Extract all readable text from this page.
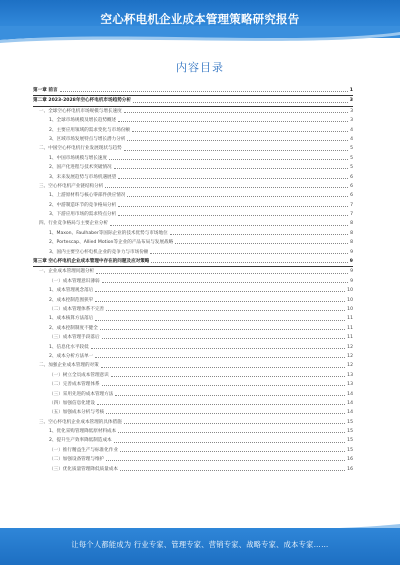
空心杯电机企业成本管理策略研究报告
内容目录
第一章 前言	1
第二章 2023-2028年空心杯电机市场趋势分析	3
一、全球空心杯电机市场规模与增长速度	3
1、全球市场规模及增长趋势概述	3
2、主要应用领域的需求变化与市场份额	4
3、区域市场发展特点与增长潜力分析	4
二、中国空心杯电机行业发展现状与趋势	5
1、中国市场规模与增长速度	5
2、国产化进程与技术突破情况	5
3、未来发展趋势与市场机遇展望	6
三、空心杯电机产业链结构分析	6
1、上游原材料与核心零部件供应情况	6
2、中游制造环节的竞争格局分析	7
3、下游应用市场的需求特点分析	7
四、行业竞争格局与主要企业分析	8
1、Maxon、Faulhaber等国际企业的技术优势与市场地位	8
2、Portescap、Allied Motion等企业的产品布局与发展战略	8
3、国内主要空心杯电机企业的竞争力与市场份额	9
第三章 空心杯电机企业成本管理中存在的问题及应对策略	9
一、企业成本管理问题分析	9
（一）成本管理意识薄弱	9
1、成本管理观念落后	10
2、成本控制范围狭窄	10
（二）成本管理体系不完善	10
1、成本核算方法落后	11
2、成本控制制度不健全	11
（三）成本管理手段落后	11
1、信息化水平较低	12
2、成本分析方法单一	12
二、加强企业成本管理的对策	12
（一）树立全员成本管理意识	13
（二）完善成本管理体系	13
（三）采用先进的成本管理方法	14
（四）加强信息化建设	14
（五）加强成本分析与考核	14
三、空心杯电机企业成本管理的具体措施	15
1、优化采购管理降低原材料成本	15
2、提升生产效率降低制造成本	15
（一）推行精益生产与标准化作业	15
（二）加强设备管理与维护	16
（三）优化质量管理降低质量成本	16
让每个人都能成为 行业专家、管理专家、营销专家、战略专家、成本专家……
